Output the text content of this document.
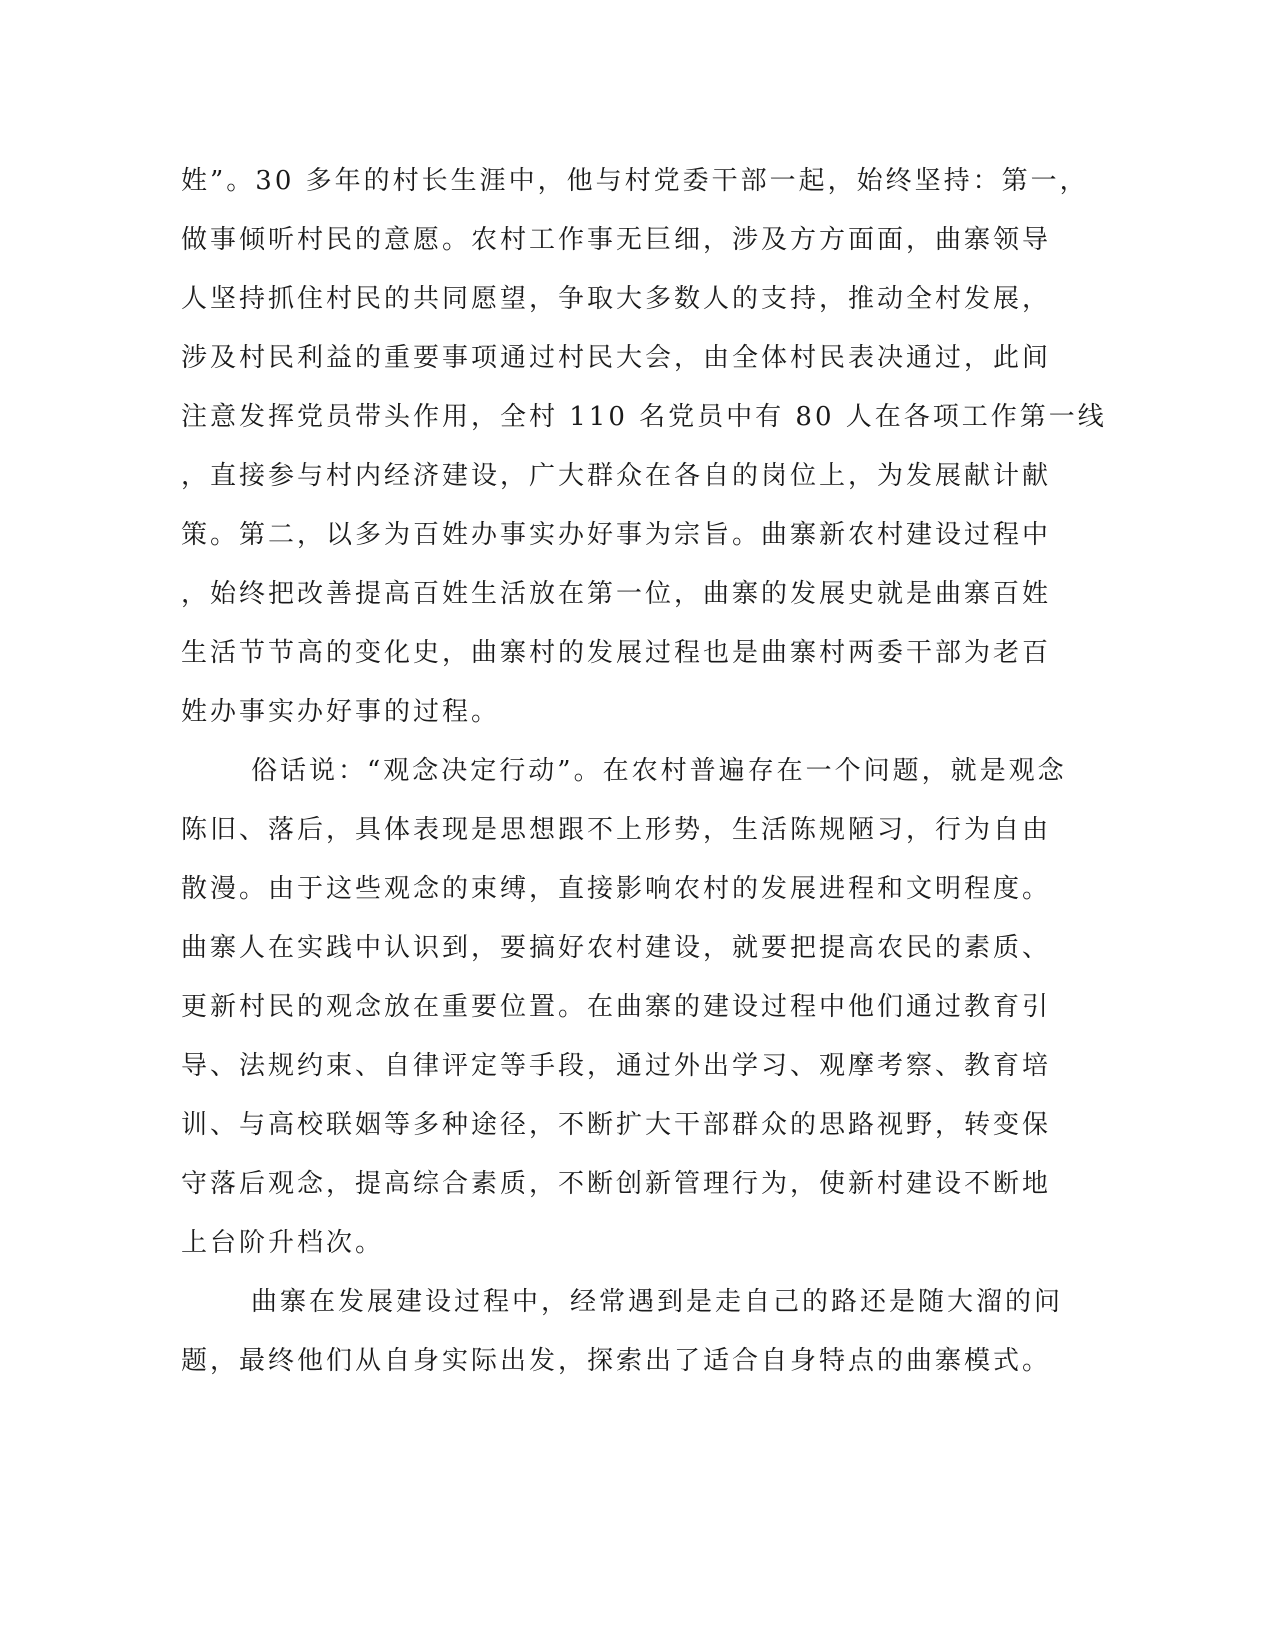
姓”。30 多年的村长生涯中，他与村党委干部一起，始终坚持：第一，
做事倾听村民的意愿。农村工作事无巨细，涉及方方面面，曲寨领导
人坚持抓住村民的共同愿望，争取大多数人的支持，推动全村发展，
涉及村民利益的重要事项通过村民大会，由全体村民表决通过，此间
注意发挥党员带头作用，全村 110 名党员中有 80 人在各项工作第一线
，直接参与村内经济建设，广大群众在各自的岗位上，为发展献计献
策。第二，以多为百姓办事实办好事为宗旨。曲寨新农村建设过程中
，始终把改善提高百姓生活放在第一位，曲寨的发展史就是曲寨百姓
生活节节高的变化史，曲寨村的发展过程也是曲寨村两委干部为老百
姓办事实办好事的过程。
俗话说：“观念决定行动”。在农村普遍存在一个问题，就是观念
陈旧、落后，具体表现是思想跟不上形势，生活陈规陋习，行为自由
散漫。由于这些观念的束缚，直接影响农村的发展进程和文明程度。
曲寨人在实践中认识到，要搞好农村建设，就要把提高农民的素质、
更新村民的观念放在重要位置。在曲寨的建设过程中他们通过教育引
导、法规约束、自律评定等手段，通过外出学习、观摩考察、教育培
训、与高校联姻等多种途径，不断扩大干部群众的思路视野，转变保
守落后观念，提高综合素质，不断创新管理行为，使新村建设不断地
上台阶升档次。
曲寨在发展建设过程中，经常遇到是走自己的路还是随大溜的问
题，最终他们从自身实际出发，探索出了适合自身特点的曲寨模式。
